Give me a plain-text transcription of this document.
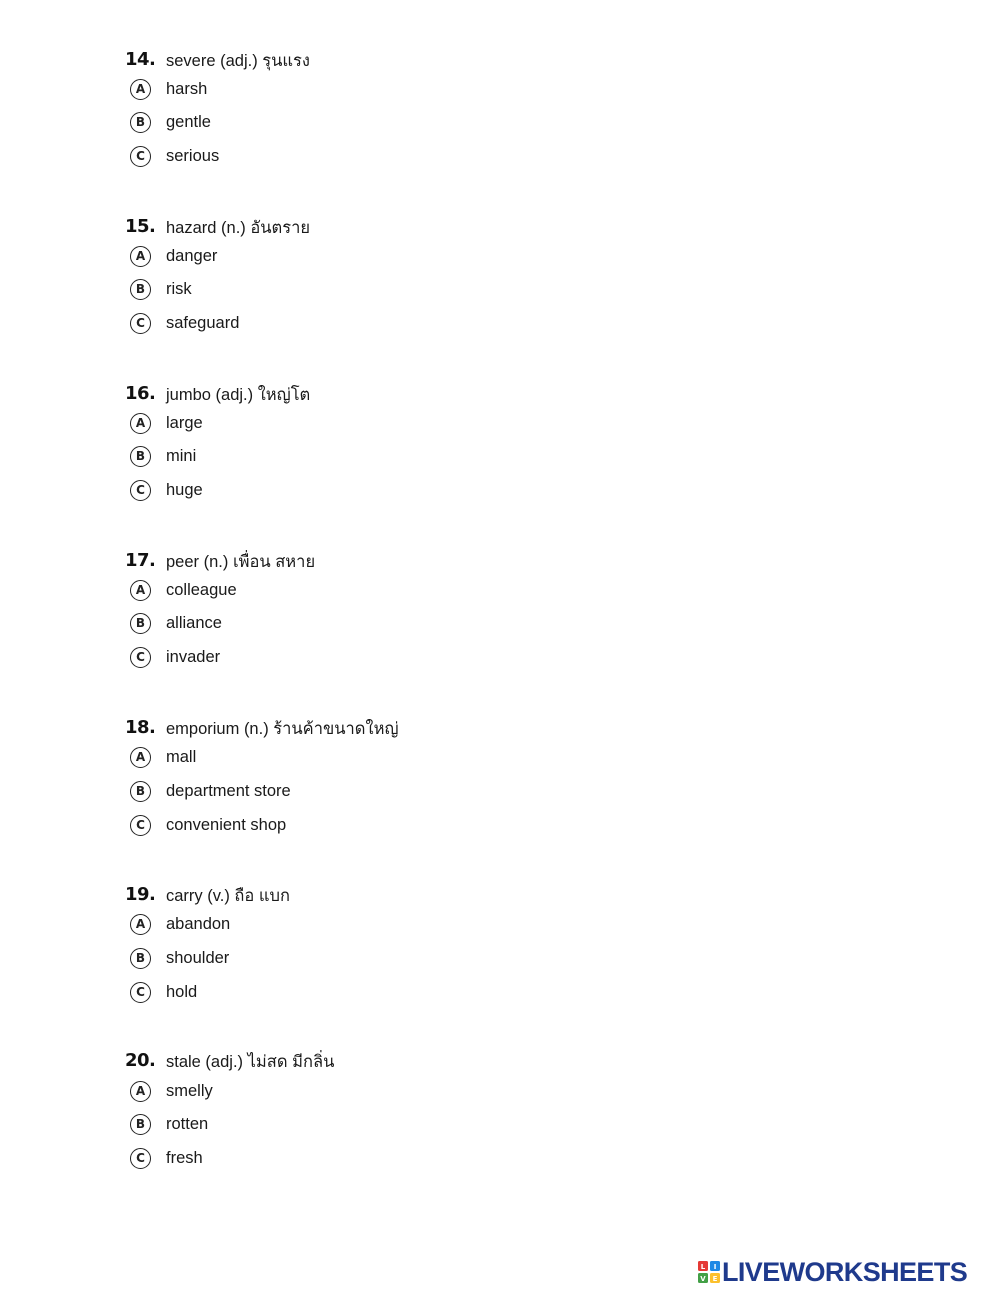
14. severe (adj.) รุนแรง
A	harsh
B	gentle
C	serious
15. hazard (n.) อันตราย
A	danger
B	risk
C	safeguard
16. jumbo (adj.) ใหญ่โต
A	large
B	mini
C	huge
17. peer (n.) เพื่อน สหาย
A	colleague
B	alliance
C	invader
18. emporium (n.) ร้านค้าขนาดใหญ่
A	mall
B	department store
C	convenient shop
19. carry (v.) ถือ แบก
A	abandon
B	shoulder
C	hold
20. stale (adj.) ไม่สด มีกลิ่น
A	smelly
B	rotten
C	fresh
L I
V E LIVEWORKSHEETS
